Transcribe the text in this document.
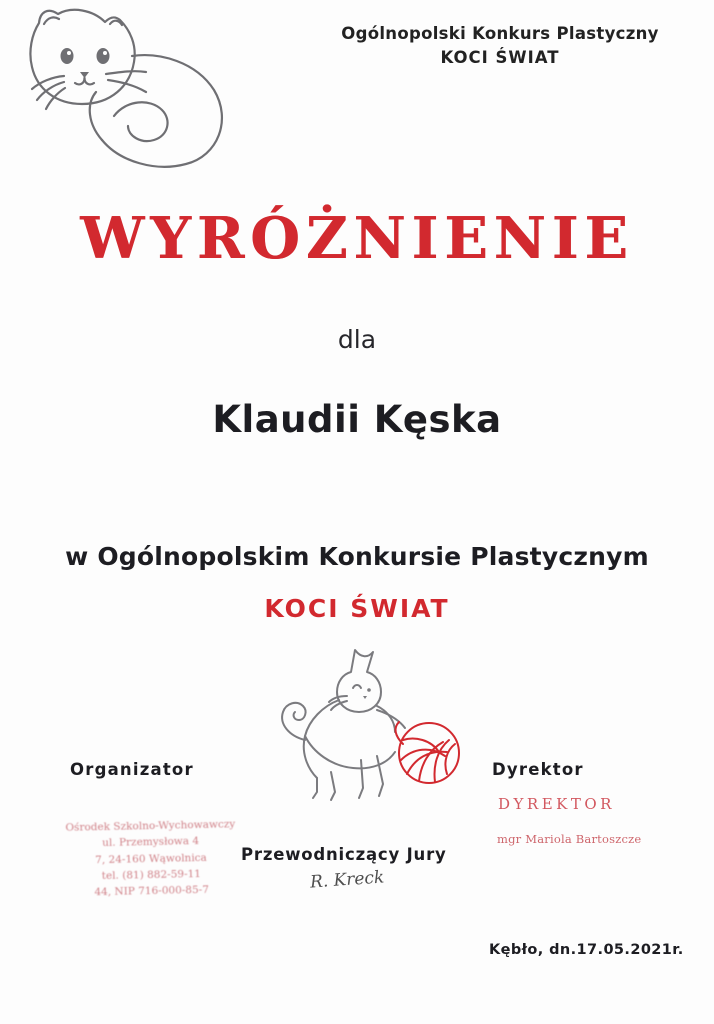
Ogólnopolski Konkurs Plastyczny
KOCI ŚWIAT
WYRÓŻNIENIE
dla
Klaudii Kęska
w Ogólnopolskim Konkursie Plastycznym
KOCI ŚWIAT
Organizator
Ośrodek Szkolno-Wychowawczy
ul. Przemysłowa 4
7, 24-160 Wąwolnica
tel. (81) 882-59-11
44, NIP 716-000-85-7
Przewodniczący Jury
R. Kreck
Dyrektor
DYREKTOR
mgr Mariola Bartoszcze
Kębło, dn.17.05.2021r.
